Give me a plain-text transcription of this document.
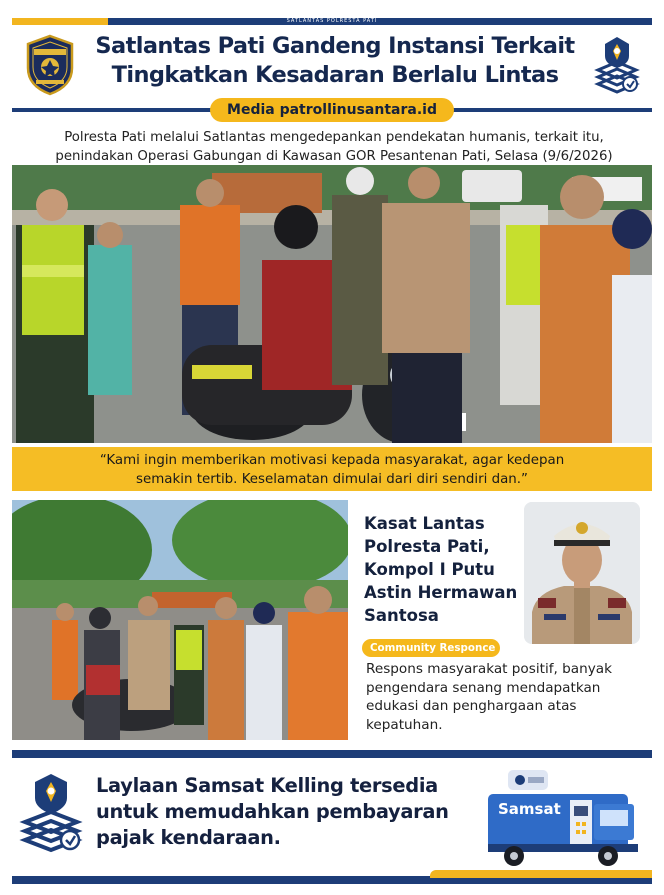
SATLANTAS POLRESTA PATI
Satlantas Pati Gandeng Instansi Terkait
Tingkatkan Kesadaran Berlalu Lintas
Media patrollinusantara.id
Polresta Pati melalui Satlantas mengedepankan pendekatan humanis, terkait itu,
penindakan Operasi Gabungan di Kawasan GOR Pesantenan Pati, Selasa (9/6/2026)
“Kami ingin memberikan motivasi kepada masyarakat, agar kedepan
semakin tertib. Keselamatan dimulai dari diri sendiri dan.”
Kasat Lantas
Polresta Pati,
Kompol I Putu
Astin Hermawan
Santosa
Community Responce
Respons masyarakat positif, banyak
pengendara senang mendapatkan
edukasi dan penghargaan atas
kepatuhan.
Laylaan Samsat Kelling tersedia
untuk memudahkan pembayaran
pajak kendaraan.
Samsat
